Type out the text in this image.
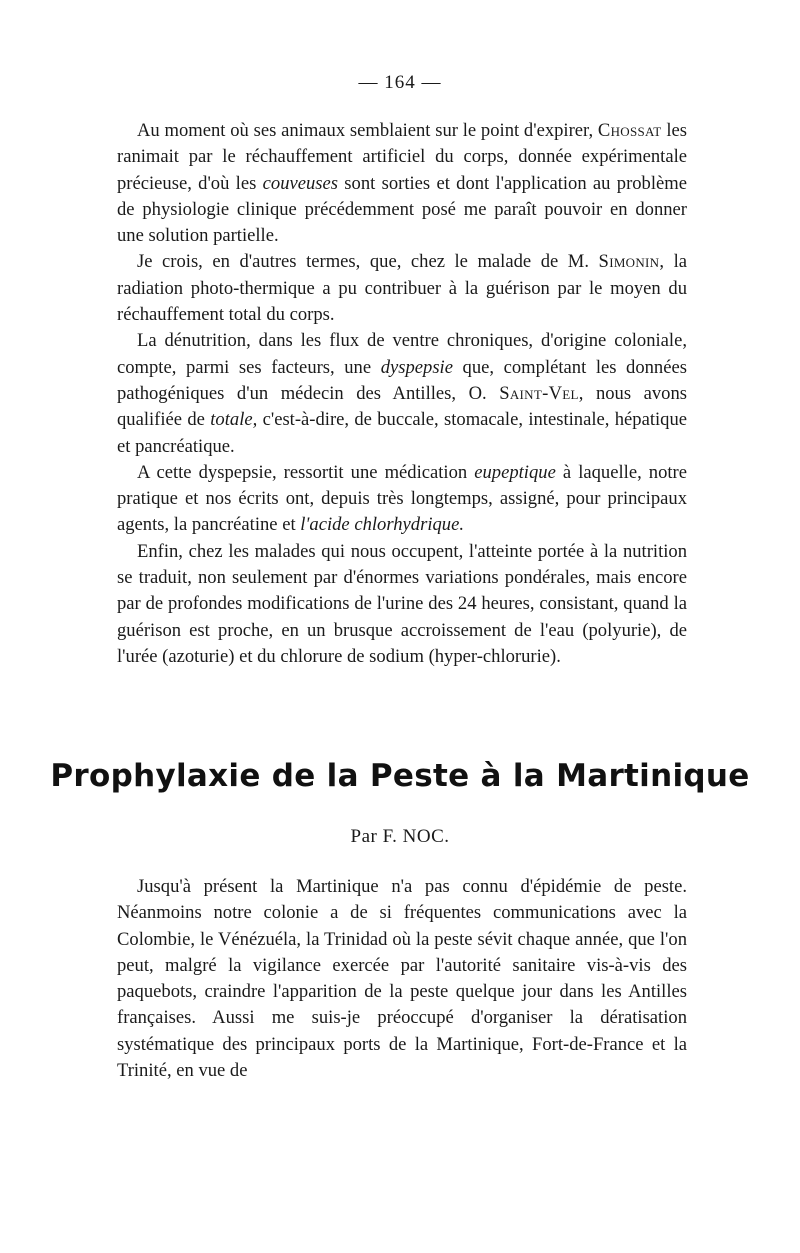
— 164 —

Au moment où ses animaux semblaient sur le point d'expirer, Chossat les ranimait par le réchauffement artificiel du corps, donnée expérimentale précieuse, d'où les couveuses sont sorties et dont l'application au problème de physiologie clinique précédemment posé me paraît pouvoir en donner une solution partielle.

Je crois, en d'autres termes, que, chez le malade de M. Simonin, la radiation photo-thermique a pu contribuer à la guérison par le moyen du réchauffement total du corps.

La dénutrition, dans les flux de ventre chroniques, d'origine coloniale, compte, parmi ses facteurs, une dyspepsie que, complétant les données pathogéniques d'un médecin des Antilles, O. Saint-Vel, nous avons qualifiée de totale, c'est-à-dire, de buccale, stomacale, intestinale, hépatique et pancréatique.

A cette dyspepsie, ressortit une médication eupeptique à laquelle, notre pratique et nos écrits ont, depuis très longtemps, assigné, pour principaux agents, la pancréatine et l'acide chlorhydrique.

Enfin, chez les malades qui nous occupent, l'atteinte portée à la nutrition se traduit, non seulement par d'énormes variations pondérales, mais encore par de profondes modifications de l'urine des 24 heures, consistant, quand la guérison est proche, en un brusque accroissement de l'eau (polyurie), de l'urée (azoturie) et du chlorure de sodium (hyper-chlorurie).

Prophylaxie de la Peste à la Martinique
Par F. NOC.

Jusqu'à présent la Martinique n'a pas connu d'épidémie de peste. Néanmoins notre colonie a de si fréquentes communications avec la Colombie, le Vénézuéla, la Trinidad où la peste sévit chaque année, que l'on peut, malgré la vigilance exercée par l'autorité sanitaire vis-à-vis des paquebots, craindre l'apparition de la peste quelque jour dans les Antilles françaises. Aussi me suis-je préoccupé d'organiser la dératisation systématique des principaux ports de la Martinique, Fort-de-France et la Trinité, en vue de
